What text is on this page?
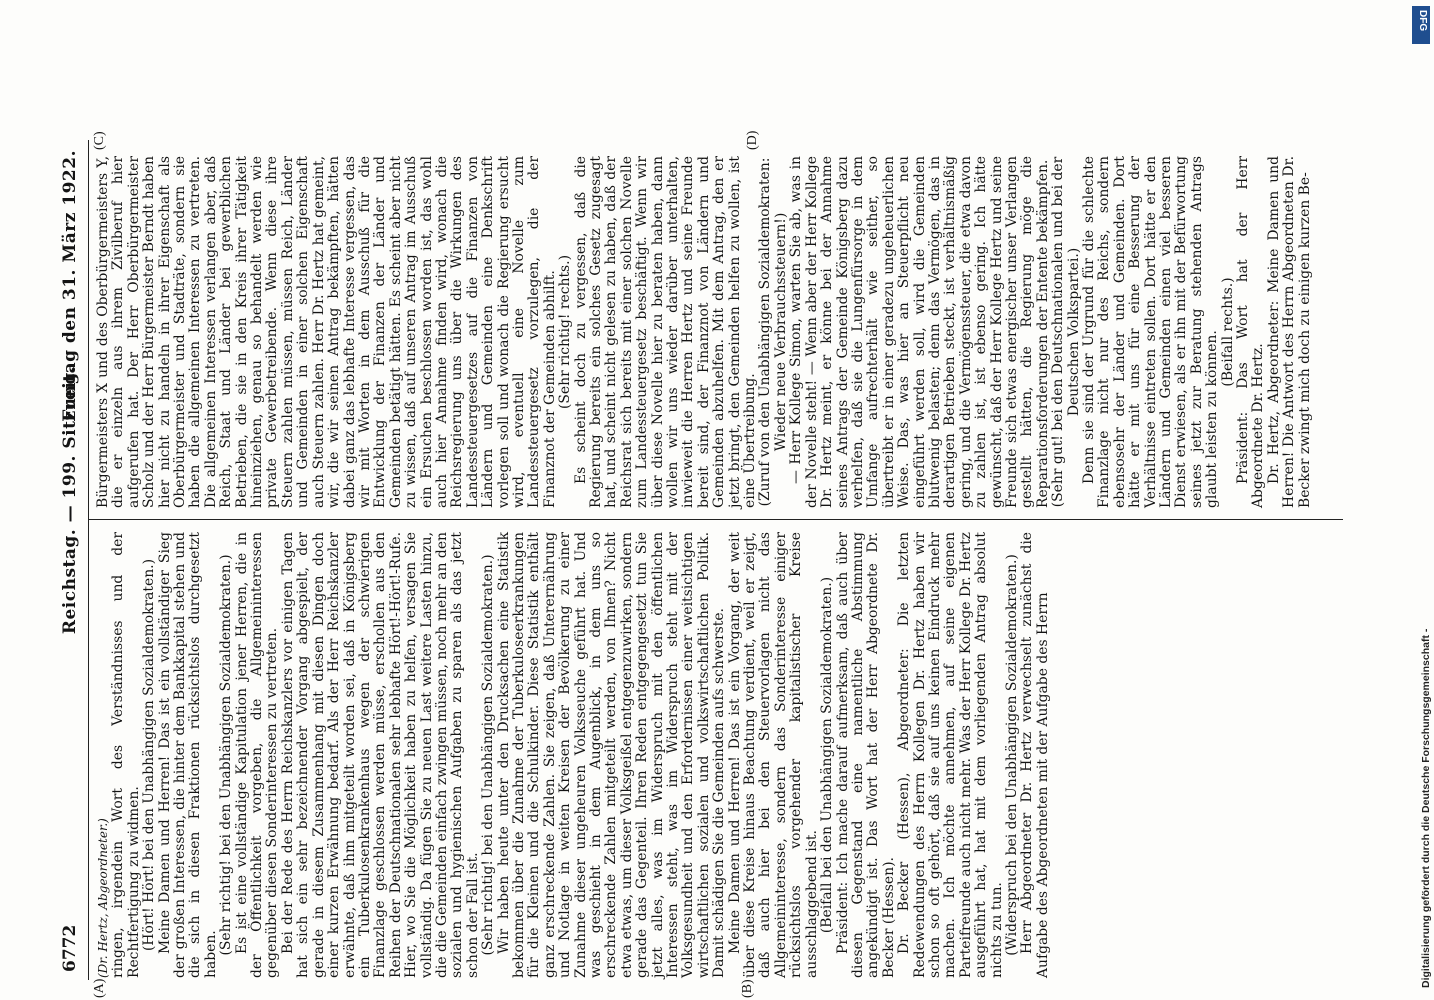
6772
Reichstag. — 199. Sitzung.
Freitag den 31. März 1922.
(A)	(B)
(C)	(D)

(Dr. Hertz, Abgeordneter.) ringen, irgendein Wort des Verständnisses und der Rechtfertigung zu widmen. (Hört! Hört! bei den Unabhängigen Sozialdemokraten.) Meine Damen und Herren! Das ist ein vollständiger Sieg der großen Interessen, die hinter dem Bankkapital stehen und die sich in diesen Fraktionen rücksichtslos durchgesetzt haben. (Sehr richtig! bei den Unabhängigen Sozialdemokraten.) Es ist eine vollständige Kapitulation jener Herren, die in der Öffentlichkeit vorgeben, die Allgemeininteressen gegenüber diesen Sonderinteressen zu vertreten. Bei der Rede des Herrn Reichskanzlers vor einigen Tagen hat sich ein sehr bezeichnender Vorgang abgespielt, der gerade in diesem Zusammenhang mit diesen Dingen doch einer kurzen Erwähnung bedarf. Als der Herr Reichskanzler erwähnte, daß ihm mitgeteilt worden sei, daß in Königsberg ein Tuberkulosenkrankenhaus wegen der schwierigen Finanzlage geschlossen werden müsse, erschollen aus den Reihen der Deutschnationalen sehr lebhafte Hört!-Hört!-Rufe. Hier, wo Sie die Möglichkeit haben zu helfen, versagen Sie vollständig. Da fügen Sie zu neuen Last weitere Lasten hinzu, die die Gemeinden einfach zwingen müssen, noch mehr an den sozialen und hygienischen Aufgaben zu sparen als das jetzt schon der Fall ist. (Sehr richtig! bei den Unabhängigen Sozialdemokraten.) Wir haben heute unter den Drucksachen eine Statistik bekommen über die Zunahme der Tuberkuloseerkrankungen für die Kleinen und die Schulkinder. Diese Statistik enthält ganz erschreckende Zahlen. Sie zeigen, daß Unterernährung und Notlage in weiten Kreisen der Bevölkerung zu einer Zunahme dieser ungeheuren Volksseuche geführt hat. Und was geschieht in dem Augenblick, in dem uns so erschreckende Zahlen mitgeteilt werden, von Ihnen? Nicht etwa etwas, um dieser Volksgeißel entgegenzuwirken, sondern gerade das Gegenteil. Ihren Reden entgegengesetzt tun Sie jetzt alles, was im Widerspruch mit den öffentlichen Interessen steht, was im Widerspruch steht mit der Volksgesundheit und den Erfordernissen einer weitsichtigen wirtschaftlichen sozialen und volkswirtschaftlichen Politik. Damit schädigen Sie die Gemeinden aufs schwerste. Meine Damen und Herren! Das ist ein Vorgang, der weit über diese Kreise hinaus Beachtung verdient, weil er zeigt, daß auch hier bei den Steuervorlagen nicht das Allgemeininteresse, sondern das Sonderinteresse einiger rücksichtslos vorgehender kapitalistischer Kreise ausschlaggebend ist. (Beifall bei den Unabhängigen Sozialdemokraten.) Präsident: Ich mache darauf aufmerksam, daß auch über diesen Gegenstand eine namentliche Abstimmung angekündigt ist. Das Wort hat der Herr Abgeordnete Dr. Becker (Hessen). Dr. Becker (Hessen), Abgeordneter: Die letzten Redewendungen des Herrn Kollegen Dr. Hertz haben wir schon so oft gehört, daß sie auf uns keinen Eindruck mehr machen. Ich möchte annehmen, auf seine eigenen Parteifreunde auch nicht mehr. Was der Herr Kollege Dr. Hertz ausgeführt hat, hat mit dem vorliegenden Antrag absolut nichts zu tun. (Widerspruch bei den Unabhängigen Sozialdemokraten.) Herr Abgeordneter Dr. Hertz verwechselt zunächst die Aufgabe des Abgeordneten mit der Aufgabe des Herrn

Bürgermeisters X und des Oberbürgermeisters Y, die er einzeln aus ihrem Zivilberuf hier aufgerufen hat. Der Herr Oberbürgermeister Scholz und der Herr Bürgermeister Berndt haben hier nicht zu handeln in ihrer Eigenschaft als Oberbürgermeister und Stadträte, sondern sie haben die allgemeinen Interessen zu vertreten. Die allgemeinen Interessen verlangen aber, daß Reich, Staat und Länder bei gewerblichen Betrieben, die sie in den Kreis ihrer Tätigkeit hineinziehen, genau so behandelt werden wie private Gewerbetreibende. Wenn diese ihre Steuern zahlen müssen, müssen Reich, Länder und Gemeinden in einer solchen Eigenschaft auch Steuern zahlen. Herr Dr. Hertz hat gemeint, wir, die wir seinen Antrag bekämpften, hätten dabei ganz das lebhafte Interesse vergessen, das wir mit Worten in dem Ausschuß für die Entwicklung der Finanzen der Länder und Gemeinden betätigt hätten. Es scheint aber nicht zu wissen, daß auf unseren Antrag im Ausschuß ein Ersuchen beschlossen worden ist, das wohl auch hier Annahme finden wird, wonach die Reichsregierung uns über die Wirkungen des Landessteuergesetzes auf die Finanzen von Ländern und Gemeinden eine Denkschrift vorlegen soll und wonach die Regierung ersucht wird, eventuell eine Novelle zum Landessteuergesetz vorzulegen, die der Finanznot der Gemeinden abhilft. (Sehr richtig! rechts.) Es scheint doch zu vergessen, daß die Regierung bereits ein solches Gesetz zugesagt hat, und scheint nicht gelesen zu haben, daß der Reichsrat sich bereits mit einer solchen Novelle zum Landessteuergesetz beschäftigt. Wenn wir über diese Novelle hier zu beraten haben, dann wollen wir uns wieder darüber unterhalten, inwieweit die Herren Hertz und seine Freunde bereit sind, der Finanznot von Ländern und Gemeinden abzuhelfen. Mit dem Antrag, den er jetzt bringt, den Gemeinden helfen zu wollen, ist eine Übertreibung. (Zuruf von den Unabhängigen Sozialdemokraten: Wieder neue Verbrauchssteuern!) — Herr Kollege Simon, warten Sie ab, was in der Novelle steht! — Wenn aber der Herr Kollege Dr. Hertz meint, er könne bei der Annahme seines Antrags der Gemeinde Königsberg dazu verhelfen, daß sie die Lungenfürsorge in dem Umfange aufrechterhält wie seither, so übertreibt er in einer geradezu ungeheuerlichen Weise. Das, was hier an Steuerpflicht neu eingeführt werden soll, wird die Gemeinden blutwenig belasten; denn das Vermögen, das in derartigen Betrieben steckt, ist verhältnismäßig gering, und die Vermögenssteuer, die etwa davon zu zahlen ist, ist ebenso gering. Ich hätte gewünscht, daß der Herr Kollege Hertz und seine Freunde sich etwas energischer unser Verlangen gestellt hätten, die Regierung möge die Reparationsforderungen der Entente bekämpfen. (Sehr gut! bei den Deutschnationalen und bei der Deutschen Volkspartei.) Denn sie sind der Urgrund für die schlechte Finanzlage nicht nur des Reichs, sondern ebensosehr der Länder und Gemeinden. Dort hätte er mit uns für eine Besserung der Verhältnisse eintreten sollen. Dort hätte er den Ländern und Gemeinden einen viel besseren Dienst erwiesen, als er ihn mit der Befürwortung seines jetzt zur Beratung stehenden Antrags glaubt leisten zu können. (Beifall rechts.) Präsident: Das Wort hat der Herr Abgeordnete Dr. Hertz. Dr. Hertz, Abgeordneter: Meine Damen und Herren! Die Antwort des Herrn Abgeordneten Dr. Becker zwingt mich doch zu einigen kurzen Be-

Digitalisierung gefördert durch die Deutsche Forschungsgemeinschaft -
DFG
